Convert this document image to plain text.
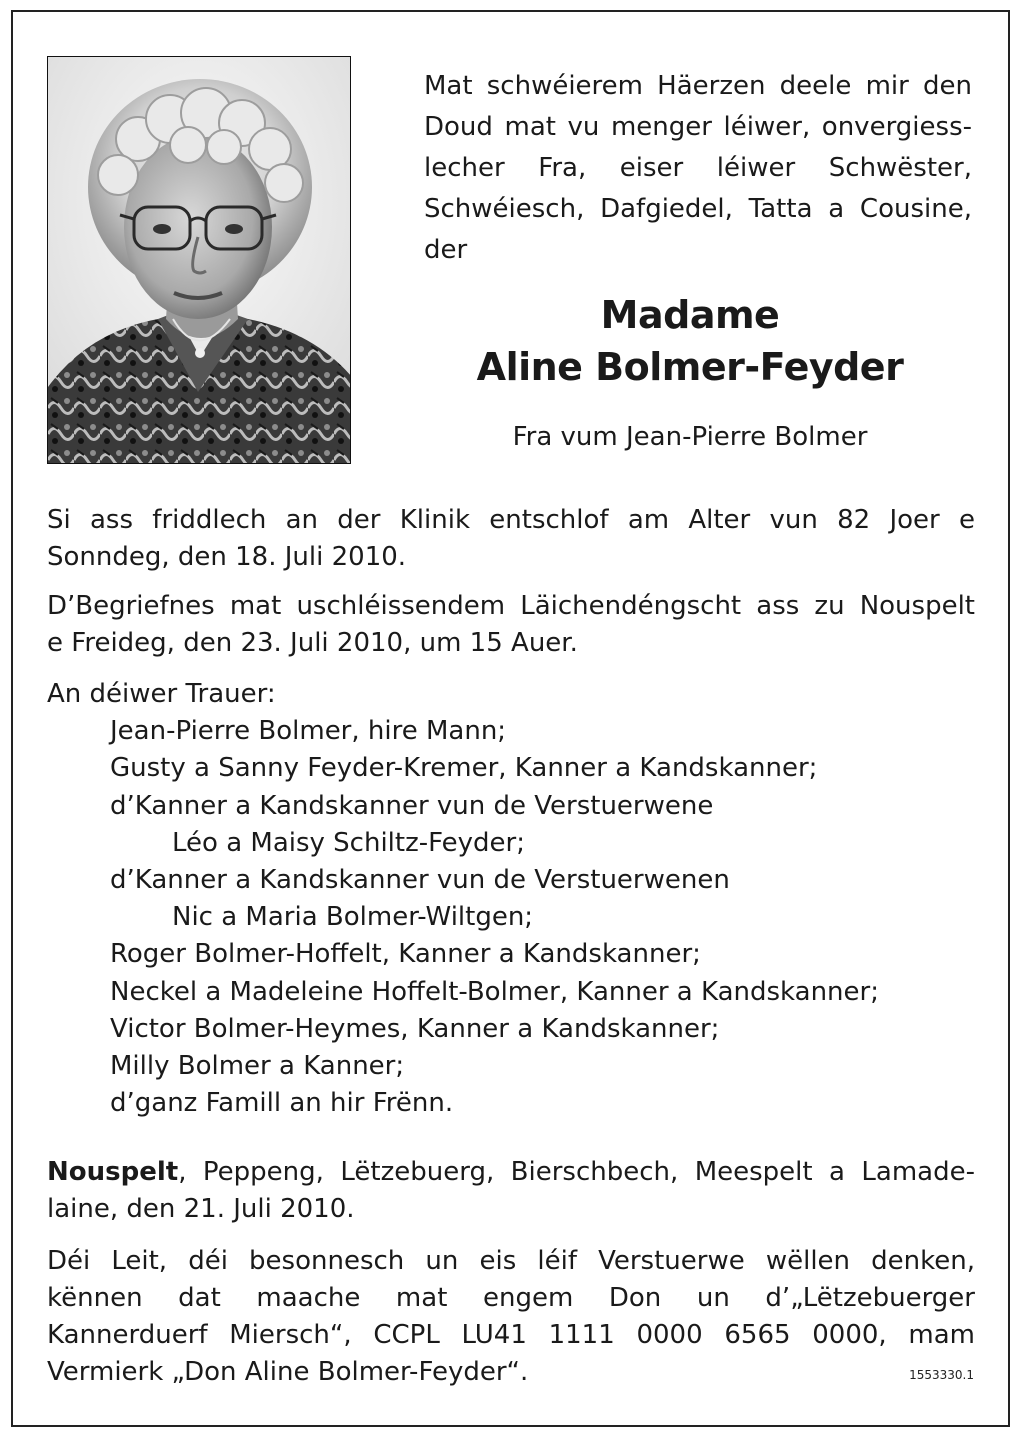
Mat schwéierem Häerzen deele mir den
Doud mat vu menger léiwer, onvergiess-
lecher Fra, eiser léiwer Schwëster,
Schwéiesch, Dafgiedel, Tatta a Cousine,
der
Madame
Aline Bolmer-Feyder
Fra vum Jean-Pierre Bolmer
Si ass friddlech an der Klinik entschlof am Alter vun 82 Joer e
Sonndeg, den 18. Juli 2010.
D’Begriefnes mat uschléissendem Läichendéngscht ass zu Nouspelt
e Freideg, den 23. Juli 2010, um 15 Auer.
An déiwer Trauer:
Jean-Pierre Bolmer, hire Mann;
Gusty a Sanny Feyder-Kremer, Kanner a Kandskanner;
d’Kanner a Kandskanner vun de Verstuerwene
Léo a Maisy Schiltz-Feyder;
d’Kanner a Kandskanner vun de Verstuerwenen
Nic a Maria Bolmer-Wiltgen;
Roger Bolmer-Hoffelt, Kanner a Kandskanner;
Neckel a Madeleine Hoffelt-Bolmer, Kanner a Kandskanner;
Victor Bolmer-Heymes, Kanner a Kandskanner;
Milly Bolmer a Kanner;
d’ganz Famill an hir Frënn.
Nouspelt, Peppeng, Lëtzebuerg, Bierschbech, Meespelt a Lamade-
laine, den 21. Juli 2010.
Déi Leit, déi besonnesch un eis léif Verstuerwe wëllen denken,
kënnen dat maache mat engem Don un d’„Lëtzebuerger
Kannerduerf Miersch“, CCPL LU41 1111 0000 6565 0000, mam
Vermierk „Don Aline Bolmer-Feyder“.	1553330.1
